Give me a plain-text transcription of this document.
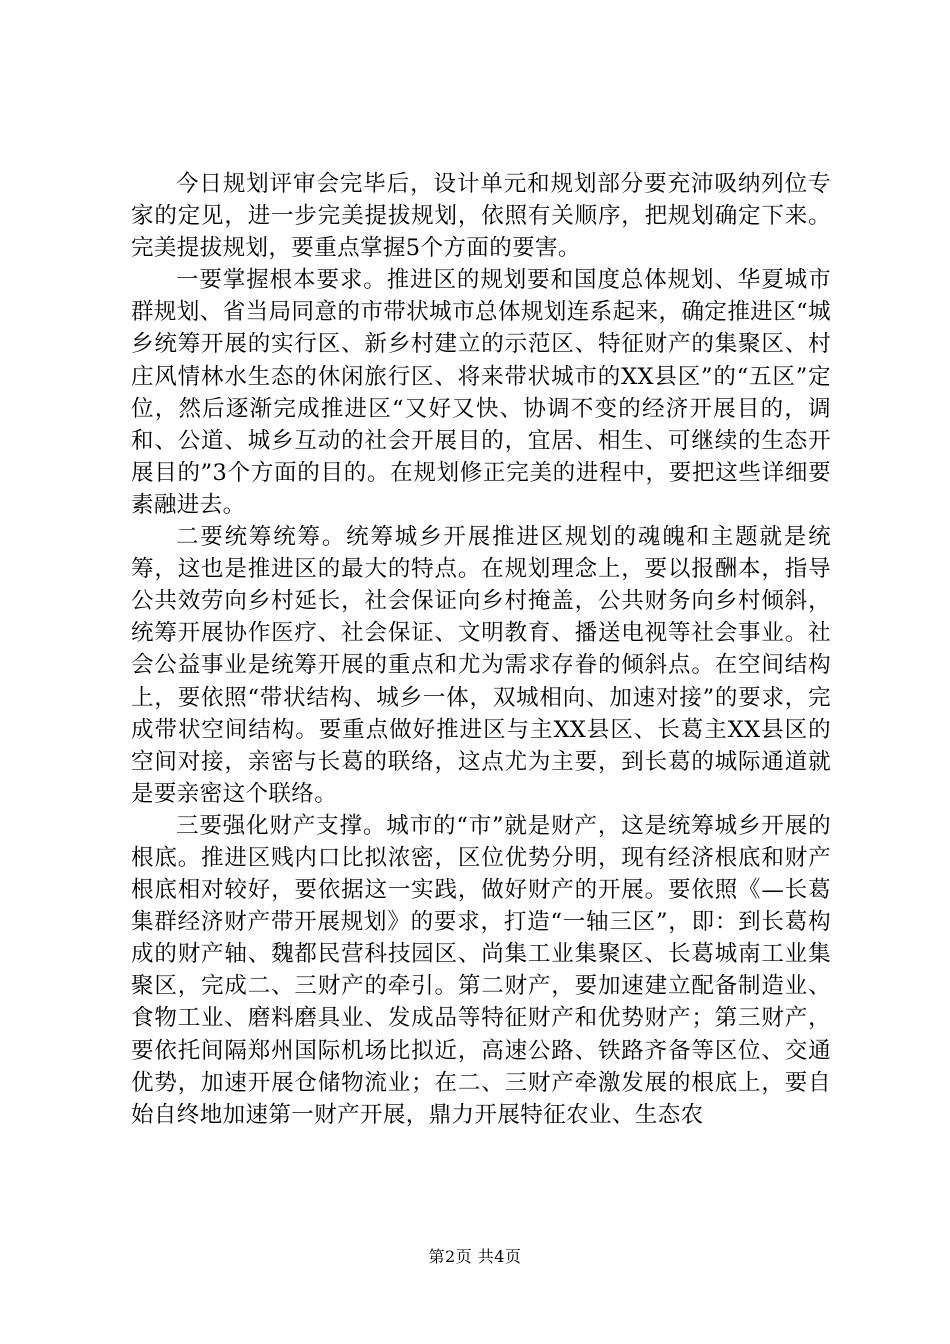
今日规划评审会完毕后，设计单元和规划部分要充沛吸纳列位专家的定见，进一步完美提拔规划，依照有关顺序，把规划确定下来。完美提拔规划，要重点掌握5个方面的要害。

一要掌握根本要求。推进区的规划要和国度总体规划、华夏城市群规划、省当局同意的市带状城市总体规划连系起来，确定推进区“城乡统筹开展的实行区、新乡村建立的示范区、特征财产的集聚区、村庄风情林水生态的休闲旅行区、将来带状城市的XX县区”的“五区”定位，然后逐渐完成推进区“又好又快、协调不变的经济开展目的，调和、公道、城乡互动的社会开展目的，宜居、相生、可继续的生态开展目的”3个方面的目的。在规划修正完美的进程中，要把这些详细要素融进去。

二要统筹统筹。统筹城乡开展推进区规划的魂魄和主题就是统筹，这也是推进区的最大的特点。在规划理念上，要以报酬本，指导公共效劳向乡村延长，社会保证向乡村掩盖，公共财务向乡村倾斜，统筹开展协作医疗、社会保证、文明教育、播送电视等社会事业。社会公益事业是统筹开展的重点和尤为需求存眷的倾斜点。在空间结构上，要依照“带状结构、城乡一体，双城相向、加速对接”的要求，完成带状空间结构。要重点做好推进区与主XX县区、长葛主XX县区的空间对接，亲密与长葛的联络，这点尤为主要，到长葛的城际通道就是要亲密这个联络。

三要强化财产支撑。城市的“市”就是财产，这是统筹城乡开展的根底。推进区贱内口比拟浓密，区位优势分明，现有经济根底和财产根底相对较好，要依据这一实践，做好财产的开展。要依照《—长葛集群经济财产带开展规划》的要求，打造“一轴三区”，即：到长葛构成的财产轴、魏都民营科技园区、尚集工业集聚区、长葛城南工业集聚区，完成二、三财产的牵引。第二财产，要加速建立配备制造业、食物工业、磨料磨具业、发成品等特征财产和优势财产；第三财产，要依托间隔郑州国际机场比拟近，高速公路、铁路齐备等区位、交通优势，加速开展仓储物流业；在二、三财产牵激发展的根底上，要自始自终地加速第一财产开展，鼎力开展特征农业、生态农

第2页 共4页
